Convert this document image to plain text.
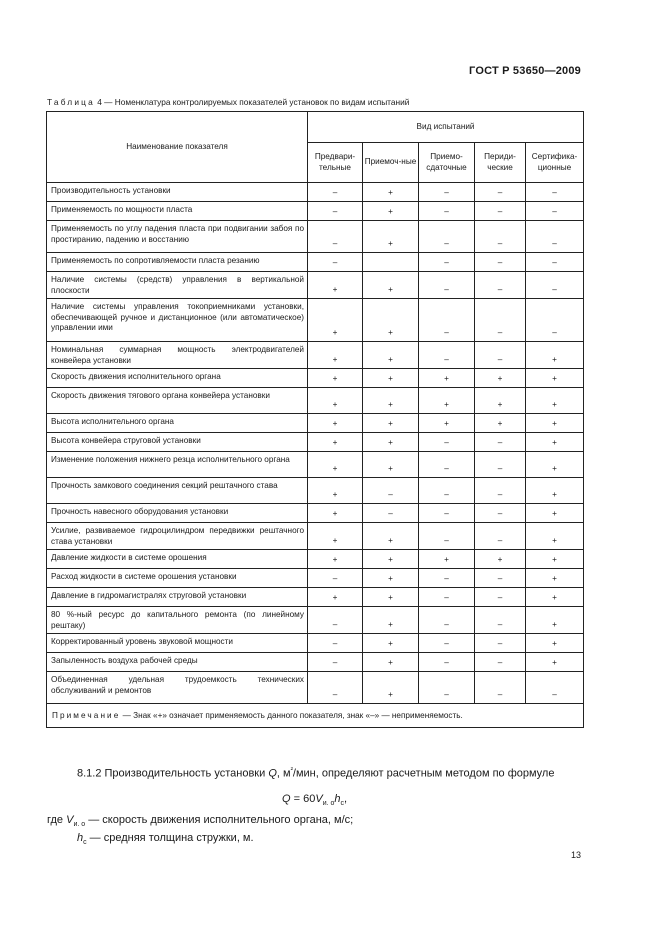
ГОСТ Р 53650—2009
Таблица 4 — Номенклатура контролируемых показателей установок по видам испытаний
Наименование показателя	Вид испытаний				
	Предвари-тельные	Приемоч-ные	Приемо-сдаточные	Периди-ческие	Сертифика-ционные
Производительность установки	–	+	–	–	–
Применяемость по мощности пласта	–	+	–	–	–
Применяемость по углу падения пласта при подвигании забоя по простиранию, падению и восстанию	–	+	–	–	–
Применяемость по сопротивляемости пласта резанию	–		–	–	–
Наличие системы (средств) управления в вертикальной плоскости	+	+	–	–	–
Наличие системы управления токоприемниками установки, обеспечивающей ручное и дистанционное (или автоматическое) управлении ими	+	+	–	–	–
Номинальная суммарная мощность электродвигателей конвейера установки	+	+	–	–	+
Скорость движения исполнительного органа	+	+	+	+	+
Скорость движения тягового органа конвейера установки	+	+	+	+	+
Высота исполнительного органа	+	+	+	+	+
Высота конвейера струговой установки	+	+	–	–	+
Изменение положения нижнего резца исполнительного органа	+	+	–	–	+
Прочность замкового соединения секций рештачного става	+	–	–	–	+
Прочность навесного оборудования установки	+	–	–	–	+
Усилие, развиваемое гидроцилиндром передвижки рештачного става установки	+	+	–	–	+
Давление жидкости в системе орошения	+	+	+	+	+
Расход жидкости в системе орошения установки	–	+	–	–	+
Давление в гидромагистралях струговой установки	+	+	–	–	+
80 %-ный ресурс до капитального ремонта (по линейному рештаку)	–	+	–	–	+
Корректированный уровень звуковой мощности	–	+	–	–	+
Запыленность воздуха рабочей среды	–	+	–	–	+
Объединенная удельная трудоемкость технических обслуживаний и ремонтов	–	+	–	–	–
Примечание — Знак «+» означает применяемость данного показателя, знак «–» — неприменяемость.					
8.1.2 Производительность установки Q, $м^{^2}$/мин, определяют расчетным методом по формуле
$Q = 60V_{и. о}h_с$,
где $V_{и. о}$ — скорость движения исполнительного органа, м/с;
$h_с$ — средняя толщина стружки, м.
13
